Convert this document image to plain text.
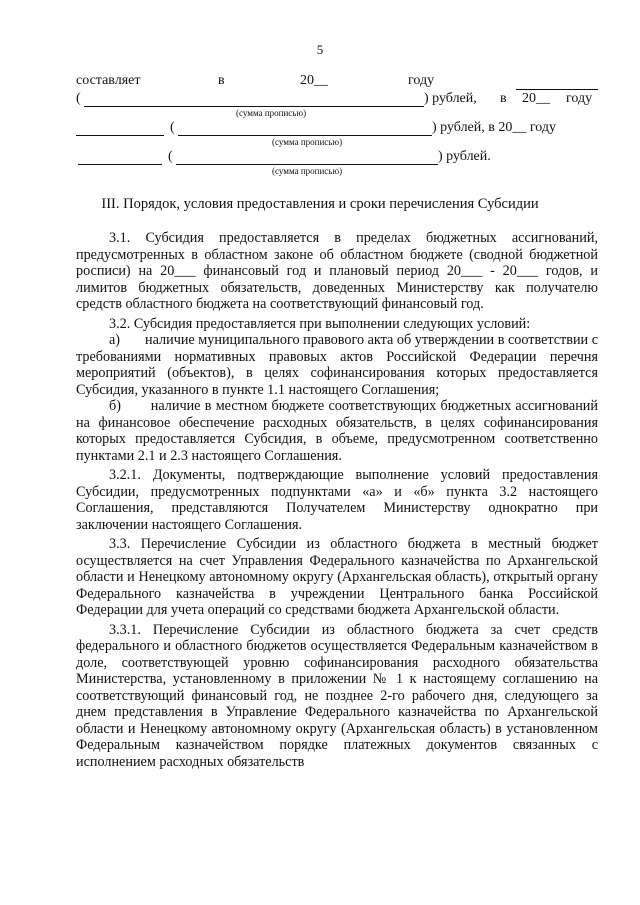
5
составляет	в	20__	году
(	) рублей, в 20__ году
(сумма прописью)
(	) рублей, в 20__ году
(сумма прописью)
(	) рублей.
(сумма прописью)
III. Порядок, условия предоставления и сроки перечисления Субсидии

3.1. Субсидия предоставляется в пределах бюджетных ассигнований, предусмотренных в областном законе об областном бюджете (сводной бюджетной росписи) на 20___ финансовый год и плановый период 20___ - 20___ годов, и лимитов бюджетных обязательств, доведенных Министерству как получателю средств областного бюджета на соответствующий финансовый год.

3.2. Субсидия предоставляется при выполнении следующих условий:

а)       наличие муниципального правового акта об утверждении в соответствии с требованиями нормативных правовых актов Российской Федерации перечня мероприятий (объектов), в целях софинансирования которых предоставляется Субсидия, указанного в пункте 1.1 настоящего Соглашения;

б)       наличие в местном бюджете соответствующих бюджетных ассигнований на финансовое обеспечение расходных обязательств, в целях софинансирования которых предоставляется Субсидия, в объеме, предусмотренном соответственно пунктами 2.1 и 2.3 настоящего Соглашения.

3.2.1. Документы, подтверждающие выполнение условий предоставления Субсидии, предусмотренных подпунктами «а» и «б» пункта 3.2 настоящего Соглашения, представляются Получателем Министерству однократно при заключении настоящего Соглашения.

3.3. Перечисление Субсидии из областного бюджета в местный бюджет осуществляется на счет Управления Федерального казначейства по Архангельской области и Ненецкому автономному округу (Архангельская область), открытый органу Федерального казначейства в учреждении Центрального банка Российской Федерации для учета операций со средствами бюджета Архангельской области.

3.3.1. Перечисление Субсидии из областного бюджета за счет средств федерального и областного бюджетов осуществляется Федеральным казначейством в доле, соответствующей уровню софинансирования расходного обязательства Министерства, установленному в приложении № 1 к настоящему соглашению на соответствующий финансовый год, не позднее 2-го рабочего дня, следующего за днем представления в Управление Федерального казначейства по Архангельской области и Ненецкому автономному округу (Архангельская область) в установленном Федеральным казначейством порядке платежных документов связанных с исполнением расходных обязательств
